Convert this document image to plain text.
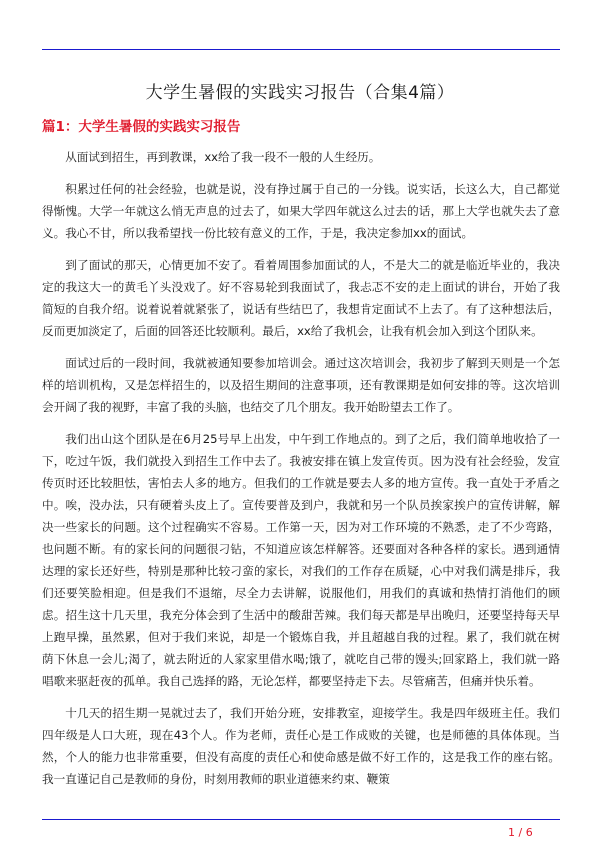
大学生暑假的实践实习报告（合集4篇）
篇1：大学生暑假的实践实习报告

从面试到招生，再到教课，xx给了我一段不一般的人生经历。

积累过任何的社会经验，也就是说，没有挣过属于自己的一分钱。说实话，长这么大，自己都觉得惭愧。大学一年就这么悄无声息的过去了，如果大学四年就这么过去的话，那上大学也就失去了意义。我心不甘，所以我希望找一份比较有意义的工作，于是，我决定参加xx的面试。

到了面试的那天，心情更加不安了。看着周围参加面试的人，不是大二的就是临近毕业的，我决定的我这大一的黄毛丫头没戏了。好不容易轮到我面试了，我忐忑不安的走上面试的讲台，开始了我简短的自我介绍。说着说着就紧张了，说话有些结巴了，我想肯定面试不上去了。有了这种想法后，反而更加淡定了，后面的回答还比较顺利。最后，xx给了我机会，让我有机会加入到这个团队来。

面试过后的一段时间，我就被通知要参加培训会。通过这次培训会，我初步了解到天则是一个怎样的培训机构，又是怎样招生的，以及招生期间的注意事项，还有教课期是如何安排的等。这次培训会开阔了我的视野，丰富了我的头脑，也结交了几个朋友。我开始盼望去工作了。

我们出山这个团队是在6月25号早上出发，中午到工作地点的。到了之后，我们简单地收拾了一下，吃过午饭，我们就投入到招生工作中去了。我被安排在镇上发宣传页。因为没有社会经验，发宣传页时还比较胆怯，害怕去人多的地方。但我们的工作就是要去人多的地方宣传。我一直处于矛盾之中。唉，没办法，只有硬着头皮上了。宣传要普及到户，我就和另一个队员挨家挨户的宣传讲解，解决一些家长的问题。这个过程确实不容易。工作第一天，因为对工作环境的不熟悉，走了不少弯路，也问题不断。有的家长问的问题很刁钻，不知道应该怎样解答。还要面对各种各样的家长。遇到通情达理的家长还好些，特别是那种比较刁蛮的家长，对我们的工作存在质疑，心中对我们满是排斥，我们还要笑脸相迎。但是我们不退缩，尽全力去讲解，说服他们，用我们的真诚和热情打消他们的顾虑。招生这十几天里，我充分体会到了生活中的酸甜苦辣。我们每天都是早出晚归，还要坚持每天早上跑早操，虽然累，但对于我们来说，却是一个锻炼自我，并且超越自我的过程。累了，我们就在树荫下休息一会儿;渴了，就去附近的人家家里借水喝;饿了，就吃自己带的馒头;回家路上，我们就一路唱歌来驱赶夜的孤单。我自己选择的路，无论怎样，都要坚持走下去。尽管痛苦，但痛并快乐着。

十几天的招生期一晃就过去了，我们开始分班，安排教室，迎接学生。我是四年级班主任。我们四年级是人口大班，现在43个人。作为老师，责任心是工作成败的关键，也是师德的具体体现。当然，个人的能力也非常重要，但没有高度的责任心和使命感是做不好工作的，这是我工作的座右铭。我一直谨记自己是教师的身份，时刻用教师的职业道德来约束、鞭策

1 / 6
